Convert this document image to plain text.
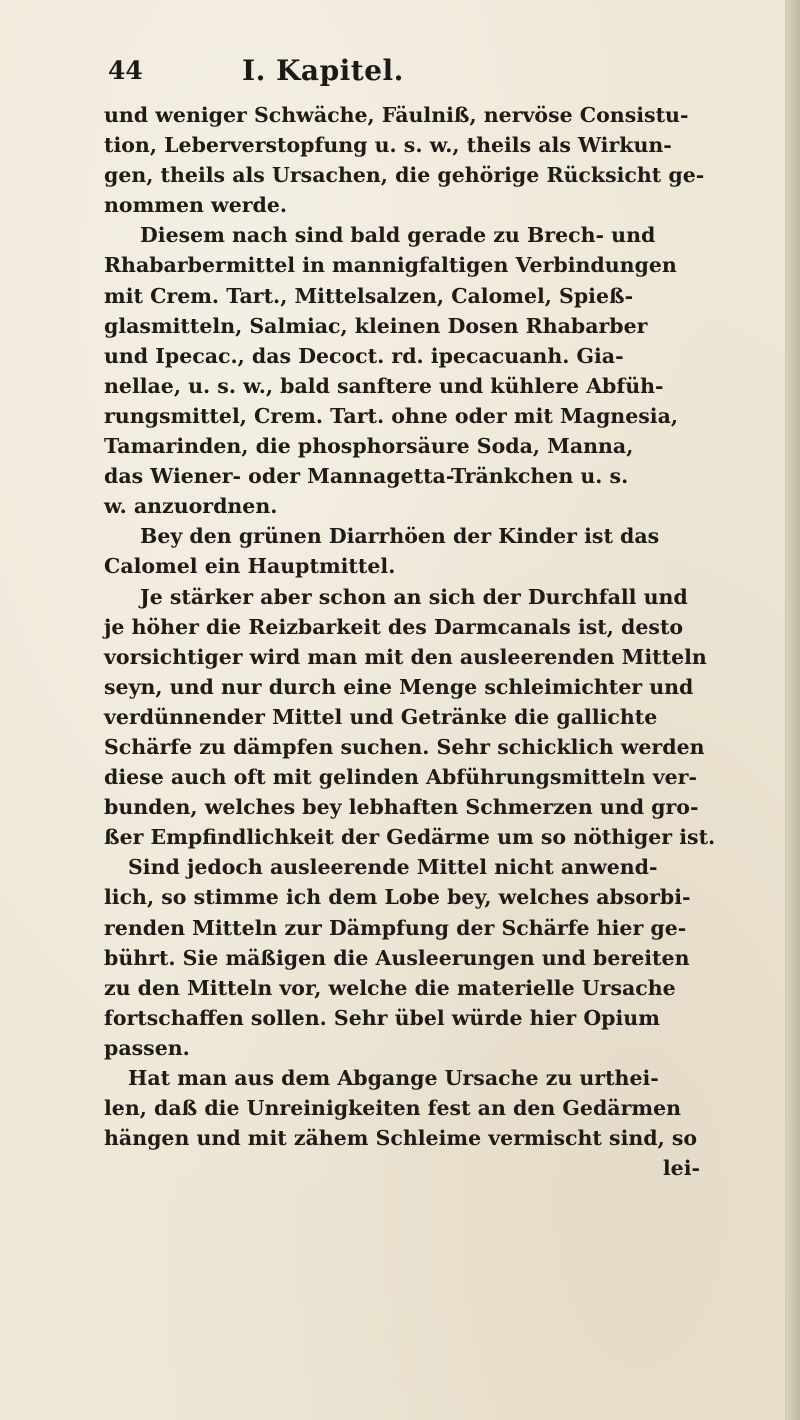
44	I. Kapitel.
und weniger Schwäche, Fäulniß, nervöse Consistu-
tion, Leberverstopfung u. s. w., theils als Wirkun-
gen, theils als Ursachen, die gehörige Rücksicht ge-
nommen werde.
Diesem nach sind bald gerade zu Brech- und
Rhabarbermittel in mannigfaltigen Verbindungen
mit Crem. Tart., Mittelsalzen, Calomel, Spieß-
glasmitteln, Salmiac, kleinen Dosen Rhabarber
und Ipecac., das Decoct. rd. ipecacuanh. Gia-
nellae, u. s. w., bald sanftere und kühlere Abfüh-
rungsmittel, Crem. Tart. ohne oder mit Magnesia,
Tamarinden, die phosphorsäure Soda, Manna,
das Wiener- oder Mannagetta-Tränkchen u. s.
w. anzuordnen.
Bey den grünen Diarrhöen der Kinder ist das
Calomel ein Hauptmittel.
Je stärker aber schon an sich der Durchfall und
je höher die Reizbarkeit des Darmcanals ist, desto
vorsichtiger wird man mit den ausleerenden Mitteln
seyn, und nur durch eine Menge schleimichter und
verdünnender Mittel und Getränke die gallichte
Schärfe zu dämpfen suchen. Sehr schicklich werden
diese auch oft mit gelinden Abführungsmitteln ver-
bunden, welches bey lebhaften Schmerzen und gro-
ßer Empfindlichkeit der Gedärme um so nöthiger ist.
Sind jedoch ausleerende Mittel nicht anwend-
lich, so stimme ich dem Lobe bey, welches absorbi-
renden Mitteln zur Dämpfung der Schärfe hier ge-
bührt. Sie mäßigen die Ausleerungen und bereiten
zu den Mitteln vor, welche die materielle Ursache
fortschaffen sollen. Sehr übel würde hier Opium
passen.
Hat man aus dem Abgange Ursache zu urthei-
len, daß die Unreinigkeiten fest an den Gedärmen
hängen und mit zähem Schleime vermischt sind, so
lei-
